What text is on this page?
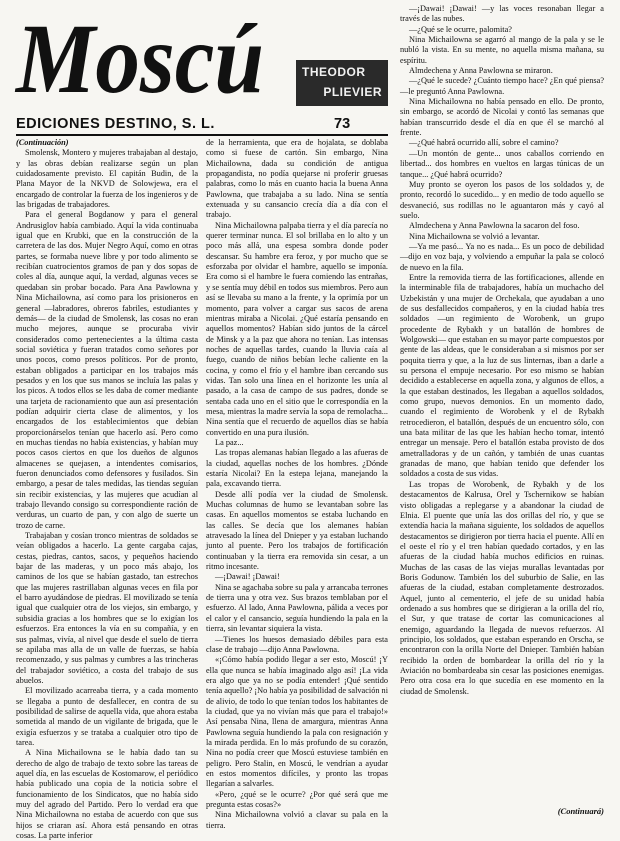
Moscú	THEODOR
PLIEVIER
EDICIONES DESTINO, S. L.	73

(Continuación)

Smolensk, Montero y mujeres trabajaban al destajo, y las obras debían realizarse según un plan cuidadosamente previsto. El capitán Budin, de la Plana Mayor de la NKVD de Solowjewa, era el encargado de controlar la fuerza de los ingenieros y de las brigadas de trabajadores.

Para el general Bogdanow y para el general Andrusiglov había cambiado. Aquí la vida continuaba igual que en Krubki, que en la construcción de la carretera de las dos. Mujer Negro Aquí, como en otras partes, se formaba nueve libre y por todo alimento se recibían cuatrocientos gramos de pan y dos sopas de coles al día, aunque aquí, la verdad, algunas veces se quedaban sin probar bocado. Para Ana Pawlowna y Nina Michailowna, así como para los prisioneros en general —labradores, obreros fabriles, estudiantes y demás— de la ciudad de Smolensk, las cosas no eran mucho mejores, aunque se procuraba vivir considerados como pertenecientes a la última casta social soviética y fueran tratados como señores por unos pocos, como presos políticos. Por de pronto, estaban obligados a participar en los trabajos más pesados y en los que sus manos se incluía las palas y los picos. A todos ellos se les daba de comer mediante una tarjeta de racionamiento que aun así presentación podían adquirir cierta clase de alimentos, y los encargados de los establecimientos que debían proporcionárselos tenían que hacerlo así. Pero como en muchas tiendas no había existencias, y habían muy pocos casos ciertos en que los dueños de algunos almacenes se quejasen, a intendentes comisarios, fueron denunciados como defensores y fusilados. Sin embargo, a pesar de tales medidas, las tiendas seguían sin recibir existencias, y las mujeres que acudían al trabajo llevando consigo su correspondiente ración de verduras, un cuarto de pan, y con algo de suerte un trozo de carne.

Trabajaban y cosían tronco mientras de soldados se veían obligados a hacerlo. La gente cargaba cajas, cestas, piedras, cantos, sacos, y pequeños haciendo bajar de las maderas, y un poco más abajo, los caminos de los que se habían gastado, tan estrechos que las mujeres rastrillaban algunas veces en fila por el barro ayudándose de piedras. El movilizado se tenía igual que cualquier otra de los viejos, sin embargo, y subsidia gracias a los hombres que se lo exigían los esfuerzos. Era entonces la vía en su compañía, y en sus palmas, vivía, al nivel que desde el suelo de tierra se apilaba mas alla de un valle de fuerzas, se había recomenzado, y sus palmas y cumbres a las trincheras del trabajador soviético, a costa del trabajo de sus abuelos.

El movilizado acarreaba tierra, y a cada momento se llegaba a punto de desfallecer, en contra de su posibilidad de salirse de aquella vida, que ahora estaba sometida al mando de un vigilante de brigada, que le exigía esfuerzos y se trataba a cualquier otro tipo de tarea.

A Nina Michailowna se le había dado tan su derecho de algo de trabajo de texto sobre las tareas de aquel día, en las escuelas de Kostomarow, el periódico había publicado una copia de la noticia sobre el funcionamiento de los Sindicatos, que no había sido muy del agrado del Partido. Pero lo verdad era que Nina Michailowna no estaba de acuerdo con que sus hijos se criaran así. Ahora está pensando en otras cosas. La parte inferior

de la herramienta, que era de hojalata, se doblaba como si fuese de cartón. Sin embargo, Nina Michailowna, dada su condición de antigua propagandista, no podía quejarse ni proferir gruesas palabras, como lo más en cuanto hacia la buena Anna Pawlowna, que trabajaba a su lado. Nina se sentía extenuada y su cansancio crecía día a día con el trabajo.

Nina Michailowna palpaba tierra y el día parecía no querer terminar nunca. El sol brillaba en lo alto y un poco más allá, una espesa sombra donde poder descansar. Su hambre era feroz, y por mucho que se esforzaba por olvidar el hambre, aquello se imponía. Era como si el hambre le fuera comiendo las entrañas, y se sentía muy débil en todos sus miembros. Pero aun así se llevaba su mano a la frente, y la oprimía por un momento, para volver a cargar sus sacos de arena mientras miraba a Nicolai. ¿Qué estaría pensando en aquellos momentos? Habían sido juntos de la cárcel de Minsk y a la paz que ahora no tenían. Las intensas noches de aquellas tardes, cuando la lluvia caía al fuego, cuando de niños bebían leche caliente en la cocina, y como el frío y el hambre iban cercando sus vidas. Tan solo una línea en el horizonte les unía al pasado, a la casa de campo de sus padres, donde se sentaba cada uno en el sitio que le correspondía en la mesa, mientras la madre servía la sopa de remolacha... Nina sentía que el recuerdo de aquellos días se había convertido en una pura ilusión.

La paz...

Las tropas alemanas habían llegado a las afueras de la ciudad, aquellas noches de los hombres. ¿Dónde estaría Nicolai? En la estepa lejana, manejando la pala, excavando tierra.

Desde allí podía ver la ciudad de Smolensk. Muchas columnas de humo se levantaban sobre las casas. En aquellos momentos se estaba luchando en las calles. Se decía que los alemanes habían atravesado la línea del Dnieper y ya estaban luchando junto al puente. Pero los trabajos de fortificación continuaban y la tierra era removida sin cesar, a un ritmo incesante.

—¡Dawai! ¡Dawai!

Nina se agachaba sobre su pala y arrancaba terrones de tierra una y otra vez. Sus brazos temblaban por el esfuerzo. Al lado, Anna Pawlowna, pálida a veces por el calor y el cansancio, seguía hundiendo la pala en la tierra, sin levantar siquiera la vista.

—Tienes los huesos demasiado débiles para esta clase de trabajo —dijo Anna Pawlowna.

«¡Cómo había podido llegar a ser esto, Moscú! ¡Y ella que nunca se había imaginado algo así! ¡La vida era algo que ya no se podía entender! ¡Qué sentido tenía aquello? ¡No había ya posibilidad de salvación ni de alivio, de todo lo que tenían todos los habitantes de la ciudad, que ya no vivían más que para el trabajo!» Así pensaba Nina, llena de amargura, mientras Anna Pawlowna seguía hundiendo la pala con resignación y la mirada perdida. En lo más profundo de su corazón, Nina no podía creer que Moscú estuviese también en peligro. Pero Stalin, en Moscú, le vendrían a ayudar en estos momentos difíciles, y pronto las tropas llegarían a salvarles.

«Pero, ¿qué se le ocurre? ¿Por qué será que me pregunta estas cosas?»

Nina Michailowna volvió a clavar su pala en la tierra.

—¡Dawai! ¡Dawai! —y las voces resonaban llegar a través de las nubes.

—¿Qué se le ocurre, palomita?

Nina Michailowna se agarró al mango de la pala y se le nubló la vista. En su mente, no aquella misma mañana, su espíritu.

Almdechena y Anna Pawlowna se miraron.

—¿Qué le sucede? ¿Cuánto tiempo hace? ¿En qué piensa? —le preguntó Anna Pawlowna.

Nina Michailowna no había pensado en ello. De pronto, sin embargo, se acordó de Nicolai y contó las semanas que habían transcurrido desde el día en que él se marchó al frente.

—¿Qué habrá ocurrido allí, sobre el camino?

—Un montón de gente... unos caballos corriendo en libertad... dos hombres en vueltos en largas túnicas de un tanque... ¿Qué habrá ocurrido?

Muy pronto se oyeron los pasos de los soldados y, de pronto, recordó lo sucedido... y en medio de todo aquello se desvaneció, sus rodillas no le aguantaron más y cayó al suelo.

Almdechena y Anna Pawlowna la sacaron del foso.

Nina Michailowna se volvió a levantar.

—Ya me pasó... Ya no es nada... Es un poco de debilidad —dijo en voz baja, y volviendo a empuñar la pala se colocó de nuevo en la fila.

Entre la removida tierra de las fortificaciones, allende en la interminable fila de trabajadores, había un muchacho del Uzbekistán y una mujer de Orchekala, que ayudaban a uno de sus desfallecidos compañeros, y en la ciudad había tres soldados —un regimiento de Worobenk, un grupo procedente de Rybakh y un batallón de hombres de Wolgowski— que estaban en su mayor parte compuestos por gente de las aldeas, que le consideraban a si mismos por ser poquita tierra y que, a la luz de sus linternas, iban a darle a su persona el empuje necesario. Por eso mismo se habían decidido a establecerse en aquella zona, y algunos de ellos, a la que estaban destinados, les llegaban a aquellos soldados, como grupo, nuevos demonios. En un momento dado, cuando el regimiento de Worobenk y el de Rybakh retrocedieron, el batallón, después de un encuentro sólo, con una bata militar de las que les habían hecho tomar, intentó entregar un mensaje. Pero el batallón estaba provisto de dos ametralladoras y de un cañón, y también de unas cuantas granadas de mano, que habían tenido que defender los soldados a costa de sus vidas.

Las tropas de Worobenk, de Rybakh y de los destacamentos de Kalrusa, Orel y Tschernikow se habían visto obligadas a replegarse y a abandonar la ciudad de Elnia. El puente que unía las dos orillas del río, y que se extendía hacia la mañana siguiente, los soldados de aquellos destacamentos se dirigieron por tierra hacia el puente. Allí en el oeste el río y el tren habían quedado cortados, y en las afueras de la ciudad había muchos edificios en ruinas. Muchas de las casas de las viejas murallas levantadas por Boris Godunow. También los del suburbio de Salie, en las afueras de la ciudad, estaban completamente destrozados. Aquel, junto al cementerio, el jefe de su unidad había ordenado a sus hombres que se dirigieran a la orilla del río, el Sur, y que tratase de cortar las comunicaciones al enemigo, aguardando la llegada de nuevos refuerzos. Al principio, los soldados, que estaban esperando en Orscha, se encontraron con la orilla Norte del Dnieper. También habían recibido la orden de bombardear la orilla del río y la Aviación no bombardeaba sin cesar las posiciones enemigas. Pero otra cosa era lo que sucedía en ese momento en la ciudad de Smolensk.

(Continuará)
